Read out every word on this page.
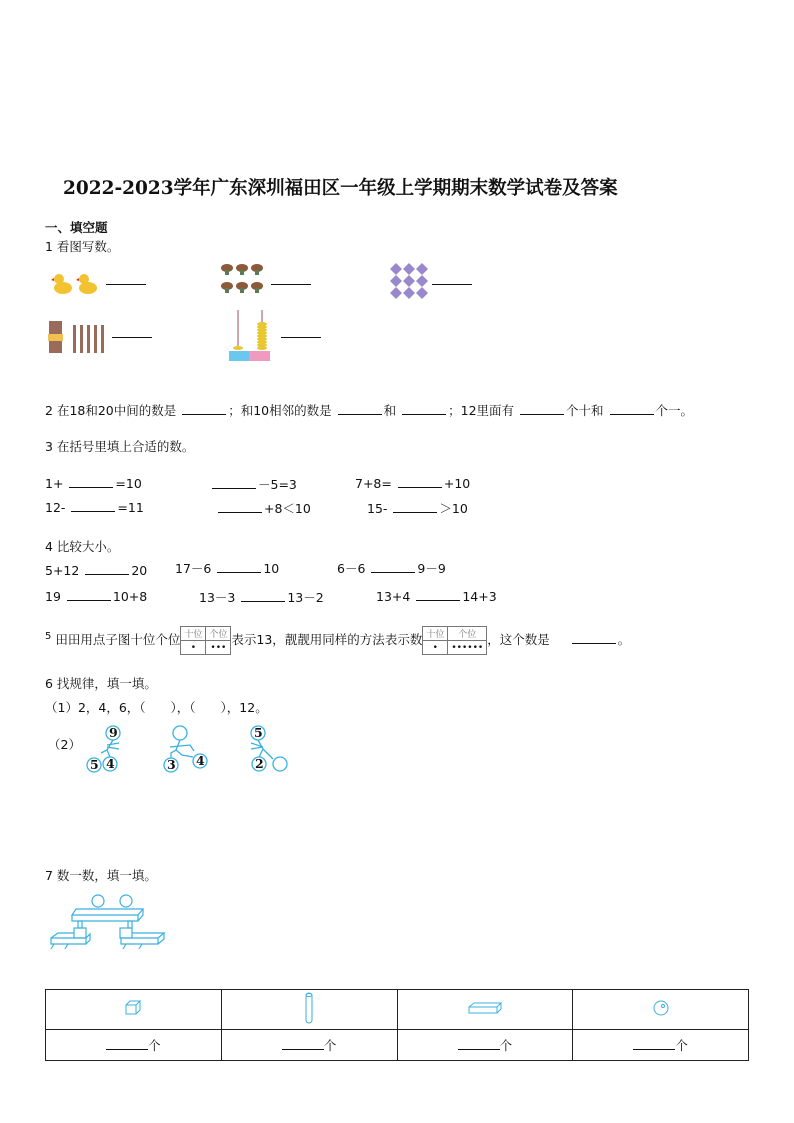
2022-2023学年广东深圳福田区一年级上学期期末数学试卷及答案
一、填空题
1 看图写数。
2 在18和20中间的数是	；和10相邻的数是	和	；12里面有	个十和	个一。
3 在括号里填上合适的数。
1+	=10	－5=3	7+8=	+10
12-	=11	+8＜10	15-	＞10
4 比较大小。
5+12	20 17－6	10	6－6	9－9
19	10+8	13－3	13－2	13+4	14+3
$^5$ 田田用点子图十位个位 十位	个位
•	•••表示13，靓靓用同样的方法表示数 十位	个位
•	••••••，这个数是	。
6 找规律，填一填。
（1）2，4，6，（　　），（　　），12。
（2）
9
5 4	3 4
5
2
7 数一数，填一填。

个	个	个	个
